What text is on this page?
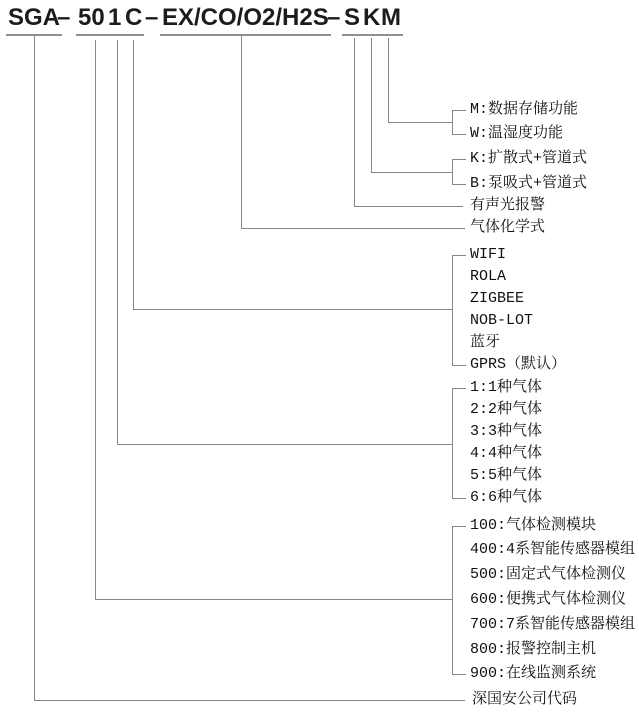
SGA
– 50 1 C – EX/CO/O2/H2S
– S K M
M:数据存储功能
W:温湿度功能
K:扩散式+管道式
B:泵吸式+管道式
有声光报警
气体化学式
WIFI
ROLA
ZIGBEE
NOB-LOT
蓝牙
GPRS（默认）
1:1种气体
2:2种气体
3:3种气体
4:4种气体
5:5种气体
6:6种气体
100:气体检测模块
400:4系智能传感器模组
500:固定式气体检测仪
600:便携式气体检测仪
700:7系智能传感器模组
800:报警控制主机
900:在线监测系统
深国安公司代码
